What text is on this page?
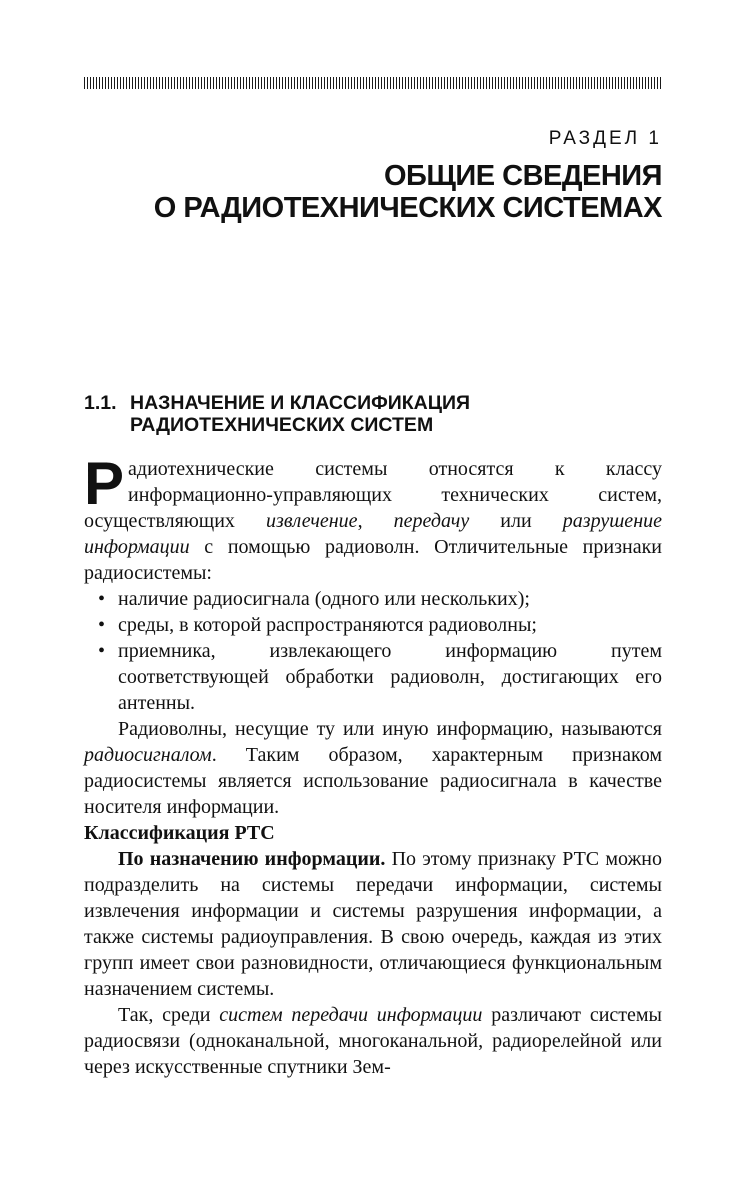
РАЗДЕЛ 1
ОБЩИЕ СВЕДЕНИЯ
О РАДИОТЕХНИЧЕСКИХ СИСТЕМАХ
1.1. НАЗНАЧЕНИЕ И КЛАССИФИКАЦИЯ
РАДИОТЕХНИЧЕСКИХ СИСТЕМ

Радиотехнические системы относятся к классу информационно-управляющих технических систем, осуществляющих извлечение, передачу или разрушение информации с помощью радиоволн. Отличительные признаки радиосистемы:

• наличие радиосигнала (одного или нескольких);
• среды, в которой распространяются радиоволны;
• приемника, извлекающего информацию путем соответствующей обработки радиоволн, достигающих его антенны.

Радиоволны, несущие ту или иную информацию, называются радиосигналом. Таким образом, характерным признаком радиосистемы является использование радиосигнала в качестве носителя информации.

Классификация РТС

По назначению информации. По этому признаку РТС можно подразделить на системы передачи информации, системы извлечения информации и системы разрушения информации, а также системы радиоуправления. В свою очередь, каждая из этих групп имеет свои разновидности, отличающиеся функциональным назначением системы.

Так, среди систем передачи информации различают системы радиосвязи (одноканальной, многоканальной, радиорелейной или через искусственные спутники Зем-
